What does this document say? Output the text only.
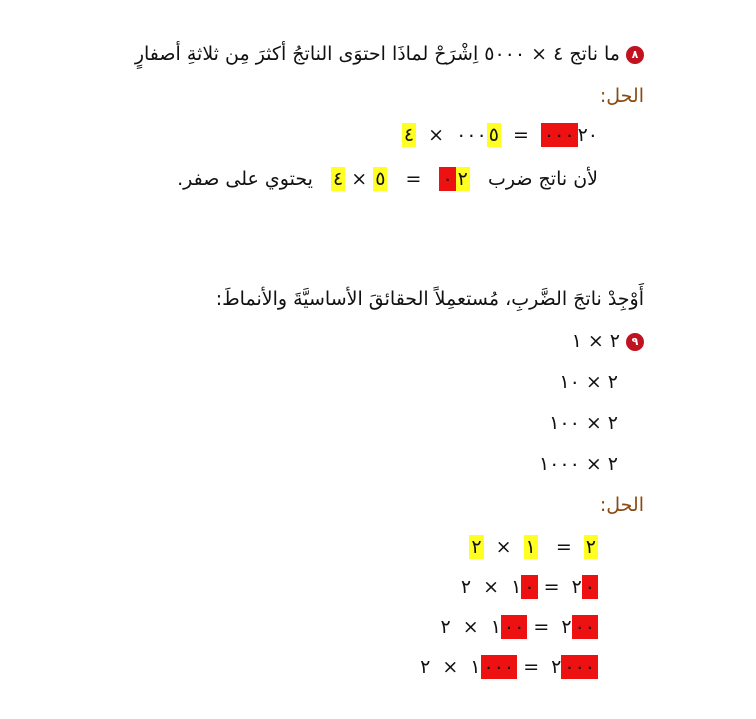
٨ما ناتج ٤ × ٥٠٠٠ اِشْرَحْ لماذَا احتوَى الناتجُ أكثرَ مِن ثلاثةِ أصفارٍ
الحل:
٠٠٠ ٢٠ = ٠٠٠ ٥ × ٤
لأن ناتج ضرب  ٠ ٢ = ٥ × ٤  يحتوي على صفر.
أَوْجِدْ ناتجَ الضَّربِ، مُستعمِلاً الحقائقَ الأساسيَّةَ والأنماطَ:
٩٢ × ١
٢ × ١٠
٢ × ١٠٠
٢ × ١٠٠٠
الحل:
٢ = ١ × ٢
٢ ٠ = ١ ٠ × ٢
٢ ٠٠ = ١ ٠٠ × ٢
٢ ٠٠٠ = ١ ٠٠٠ × ٢
